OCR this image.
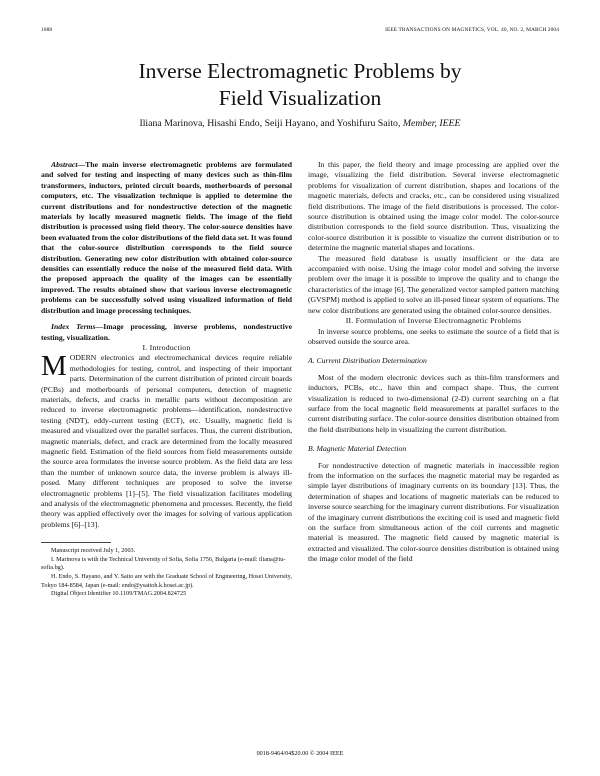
1088	IEEE TRANSACTIONS ON MAGNETICS, VOL. 40, NO. 2, MARCH 2004
Inverse Electromagnetic Problems by
Field Visualization
Iliana Marinova, Hisashi Endo, Seiji Hayano, and Yoshifuru Saito, Member, IEEE

Abstract—The main inverse electromagnetic problems are formulated and solved for testing and inspecting of many devices such as thin-film transformers, inductors, printed circuit boards, motherboards of personal computers, etc. The visualization technique is applied to determine the current distributions and for nondestructive detection of the magnetic materials by locally measured magnetic fields. The image of the field distribution is processed using field theory. The color-source densities have been evaluated from the color distributions of the field data set. It was found that the color-source distribution corresponds to the field source distribution. Generating new color distribution with obtained color-source densities can essentially reduce the noise of the measured field data. With the proposed approach the quality of the images can be essentially improved. The results obtained show that various inverse electromagnetic problems can be successfully solved using visualized information of field distribution and image processing techniques.

Index Terms—Image processing, inverse problems, nondestructive testing, visualization.

I. Introduction

MODERN electronics and electromechanical devices require reliable methodologies for testing, control, and inspecting of their important parts. Determination of the current distribution of printed circuit boards (PCBs) and motherboards of personal computers, detection of magnetic materials, defects, and cracks in metallic parts without decomposition are reduced to inverse electromagnetic problems—identification, nondestructive testing (NDT), eddy-current testing (ECT), etc. Usually, magnetic field is measured and visualized over the parallel surfaces. Thus, the current distribution, magnetic materials, defect, and crack are determined from the locally measured magnetic field. Estimation of the field sources from field measurements outside the source area formulates the inverse source problem. As the field data are less than the number of unknown source data, the inverse problem is always ill-posed. Many different techniques are proposed to solve the inverse electromagnetic problems [1]–[5]. The field visualization facilitates modeling and analysis of the electromagnetic phenomena and processes. Recently, the field theory was applied effectively over the images for solving of various application problems [6]–[13].

Manuscript received July 1, 2003.

I. Marinova is with the Technical University of Sofia, Sofia 1756, Bulgaria (e-mail: iliana@tu-sofia.bg).

H. Endo, S. Hayano, and Y. Saito are with the Graduate School of Engineering, Hosei University, Tokyo 184-8584, Japan (e-mail: endo@ysaitoh.k.hosei.ac.jp).

Digital Object Identifier 10.1109/TMAG.2004.824725

In this paper, the field theory and image processing are applied over the image, visualizing the field distribution. Several inverse electromagnetic problems for visualization of current distribution, shapes and locations of the magnetic materials, defects and cracks, etc., can be considered using visualized field distributions. The image of the field distributions is processed. The color-source distribution is obtained using the image color model. The color-source distribution corresponds to the field source distribution. Thus, visualizing the color-source distribution it is possible to visualize the current distribution or to determine the magnetic material shapes and locations.

The measured field database is usually insufficient or the data are accompanied with noise. Using the image color model and solving the inverse problem over the image it is possible to improve the quality and to change the characteristics of the image [6]. The generalized vector sampled pattern matching (GVSPM) method is applied to solve an ill-posed linear system of equations. The new color distributions are generated using the obtained color-source densities.

II. Formulation of Inverse Electromagnetic Problems

In inverse source problems, one seeks to estimate the source of a field that is observed outside the source area.

A. Current Distribution Determination

Most of the modern electronic devices such as thin-film transformers and inductors, PCBs, etc., have thin and compact shape. Thus, the current visualization is reduced to two-dimensional (2-D) current searching on a flat surface from the local magnetic field measurements at parallel surfaces to the current distributing surface. The color-source densities distribution obtained from the field distributions help in visualizing the current distribution.

B. Magnetic Material Detection

For nondestructive detection of magnetic materials in inaccessible region from the information on the surfaces the magnetic material may be regarded as simple layer distributions of imaginary currents on its boundary [13]. Thus, the determination of shapes and locations of magnetic materials can be reduced to inverse source searching for the imaginary current distributions. For visualization of the imaginary current distributions the exciting coil is used and magnetic field on the surface from simultaneous action of the coil currents and magnetic material is measured. The magnetic field caused by magnetic material is extracted and visualized. The color-source densities distribution is obtained using the image color model of the field

0018-9464/04$20.00 © 2004 IEEE
